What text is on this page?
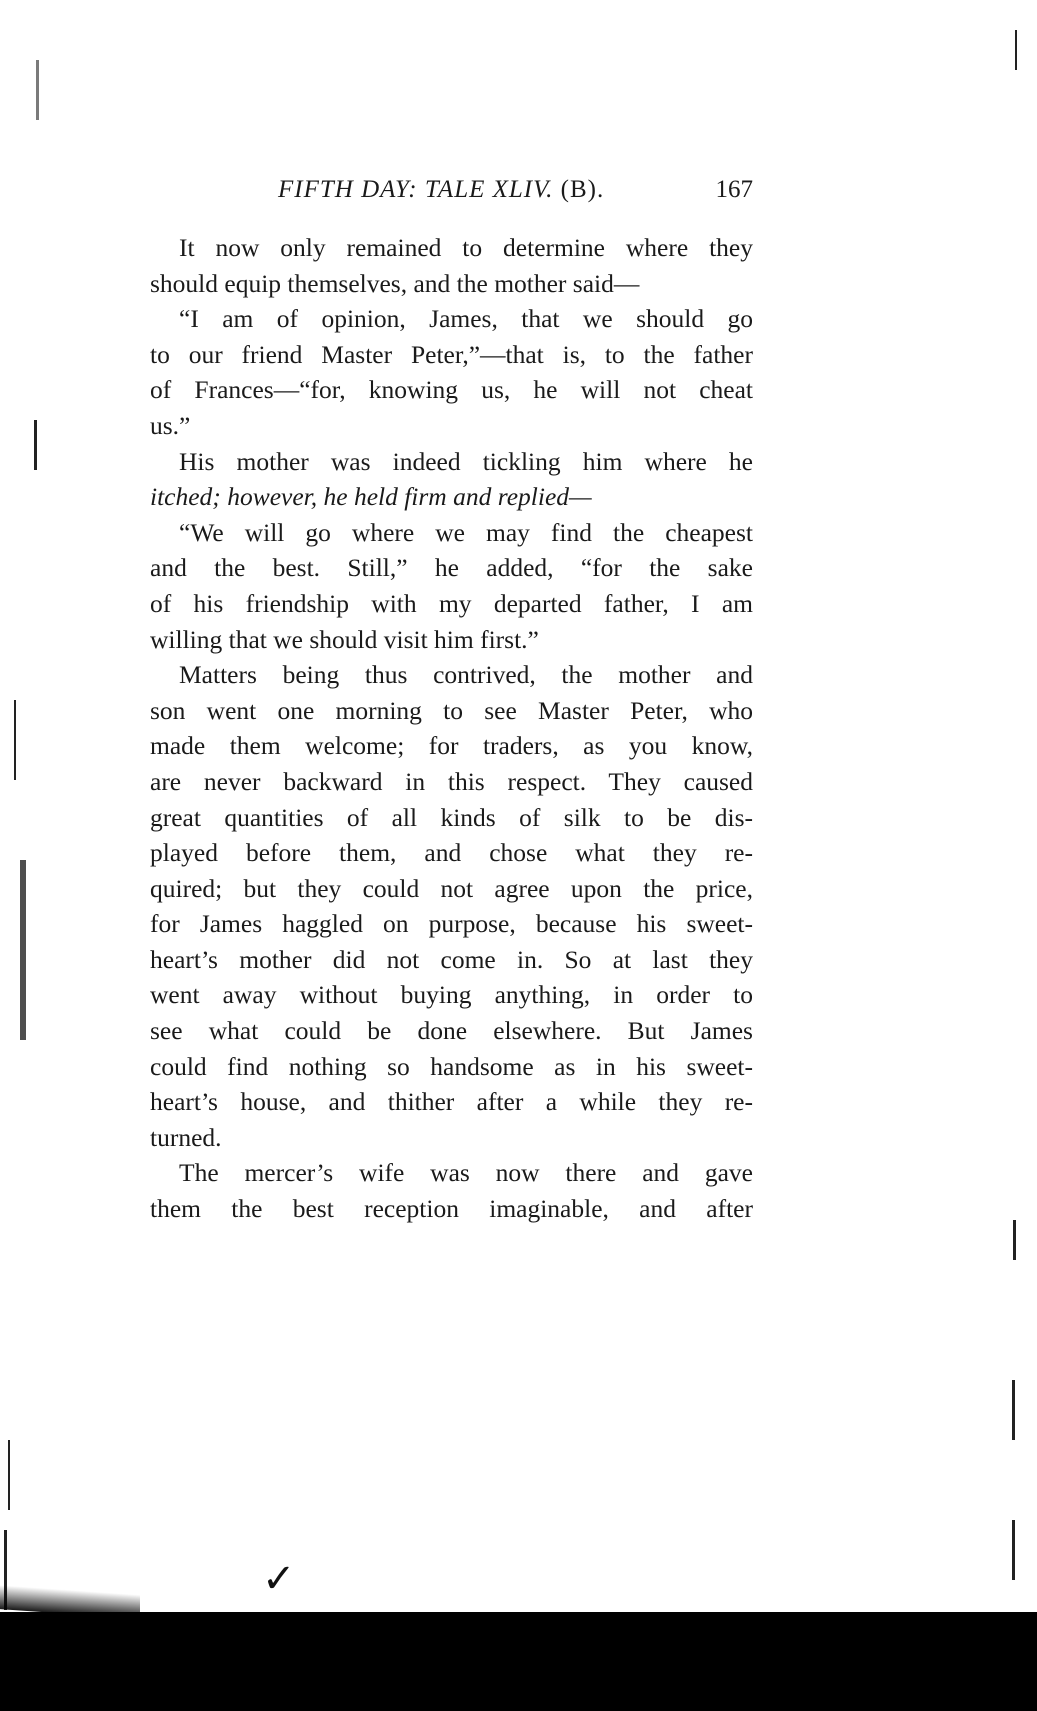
FIFTH DAY: TALE XLIV. (B).	167
It now only remained to determine where they
should equip themselves, and the mother said—
“I am of opinion, James, that we should go
to our friend Master Peter,”—that is, to the father
of Frances—“for, knowing us, he will not cheat
us.”
His mother was indeed tickling him where he
itched; however, he held firm and replied—
“We will go where we may find the cheapest
and the best. Still,” he added, “for the sake
of his friendship with my departed father, I am
willing that we should visit him first.”
Matters being thus contrived, the mother and
son went one morning to see Master Peter, who
made them welcome; for traders, as you know,
are never backward in this respect. They caused
great quantities of all kinds of silk to be dis-
played before them, and chose what they re-
quired; but they could not agree upon the price,
for James haggled on purpose, because his sweet-
heart’s mother did not come in. So at last they
went away without buying anything, in order to
see what could be done elsewhere. But James
could find nothing so handsome as in his sweet-
heart’s house, and thither after a while they re-
turned.
The mercer’s wife was now there and gave
them the best reception imaginable, and after
✓
